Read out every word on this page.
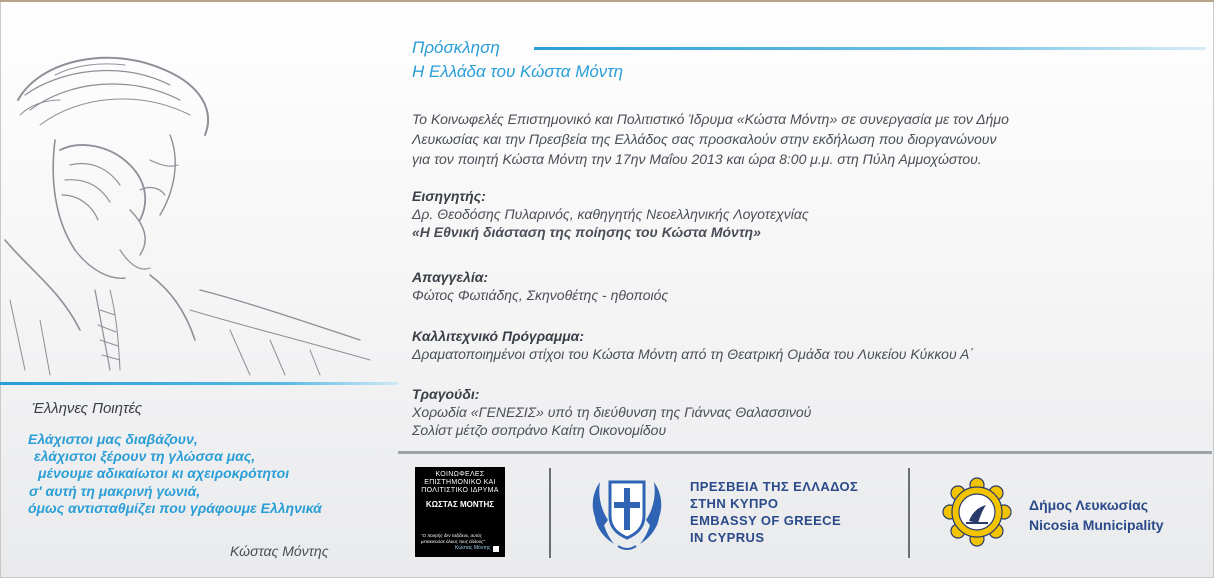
Έλληνες Ποιητές
Ελάχιστοι μας διαβάζουν,
ελάχιστοι ξέρουν τη γλώσσα μας,
μένουμε αδικαίωτοι κι αχειροκρότητοι
σ' αυτή τη μακρινή γωνιά,
όμως αντισταθμίζει που γράφουμε Ελληνικά
Κώστας Μόντης
Πρόσκληση
Η Ελλάδα του Κώστα Μόντη
Το Κοινωφελές Επιστημονικό και Πολιτιστικό Ίδρυμα «Κώστα Μόντη» σε συνεργασία με τον Δήμο
Λευκωσίας και την Πρεσβεία της Ελλάδος σας προσκαλούν στην εκδήλωση που διοργανώνουν
για τον ποιητή Κώστα Μόντη την 17ην Μαΐου 2013 και ώρα 8:00 μ.μ. στη Πύλη Αμμοχώστου.
Εισηγητής:
Δρ. Θεοδόσης Πυλαρινός, καθηγητής Νεοελληνικής Λογοτεχνίας
«Η Εθνική διάσταση της ποίησης του Κώστα Μόντη»
Απαγγελία:
Φώτος Φωτιάδης, Σκηνοθέτης - ηθοποιός
Καλλιτεχνικό Πρόγραμμα:
Δραματοποιημένοι στίχοι του Κώστα Μόντη από τη Θεατρική Ομάδα του Λυκείου Κύκκου Α΄
Τραγούδι:
Χορωδία «ΓΕΝΕΣΙΣ» υπό τη διεύθυνση της Γιάννας Θαλασσινού
Σολίστ μέτζο σοπράνο Καίτη Οικονομίδου
ΚΟΙΝΩΦΕΛΕΣ
ΕΠΙΣΤΗΜΟΝΙΚΟ ΚΑΙ
ΠΟΛΙΤΙΣΤΙΚΟ ΙΔΡΥΜΑ
ΚΩΣΤΑΣ ΜΟΝΤΗΣ
"Ο ποιητής δεν ταξίδευε, αυτός μετακινούσε όλους τους άλλους"
Κώστας Μόντης
ΠΡΕΣΒΕΙΑ ΤΗΣ ΕΛΛΑΔΟΣ
ΣΤΗΝ ΚΥΠΡΟ
EMBASSY OF GREECE
IN CYPRUS
Δήμος Λευκωσίας
Nicosia Municipality
